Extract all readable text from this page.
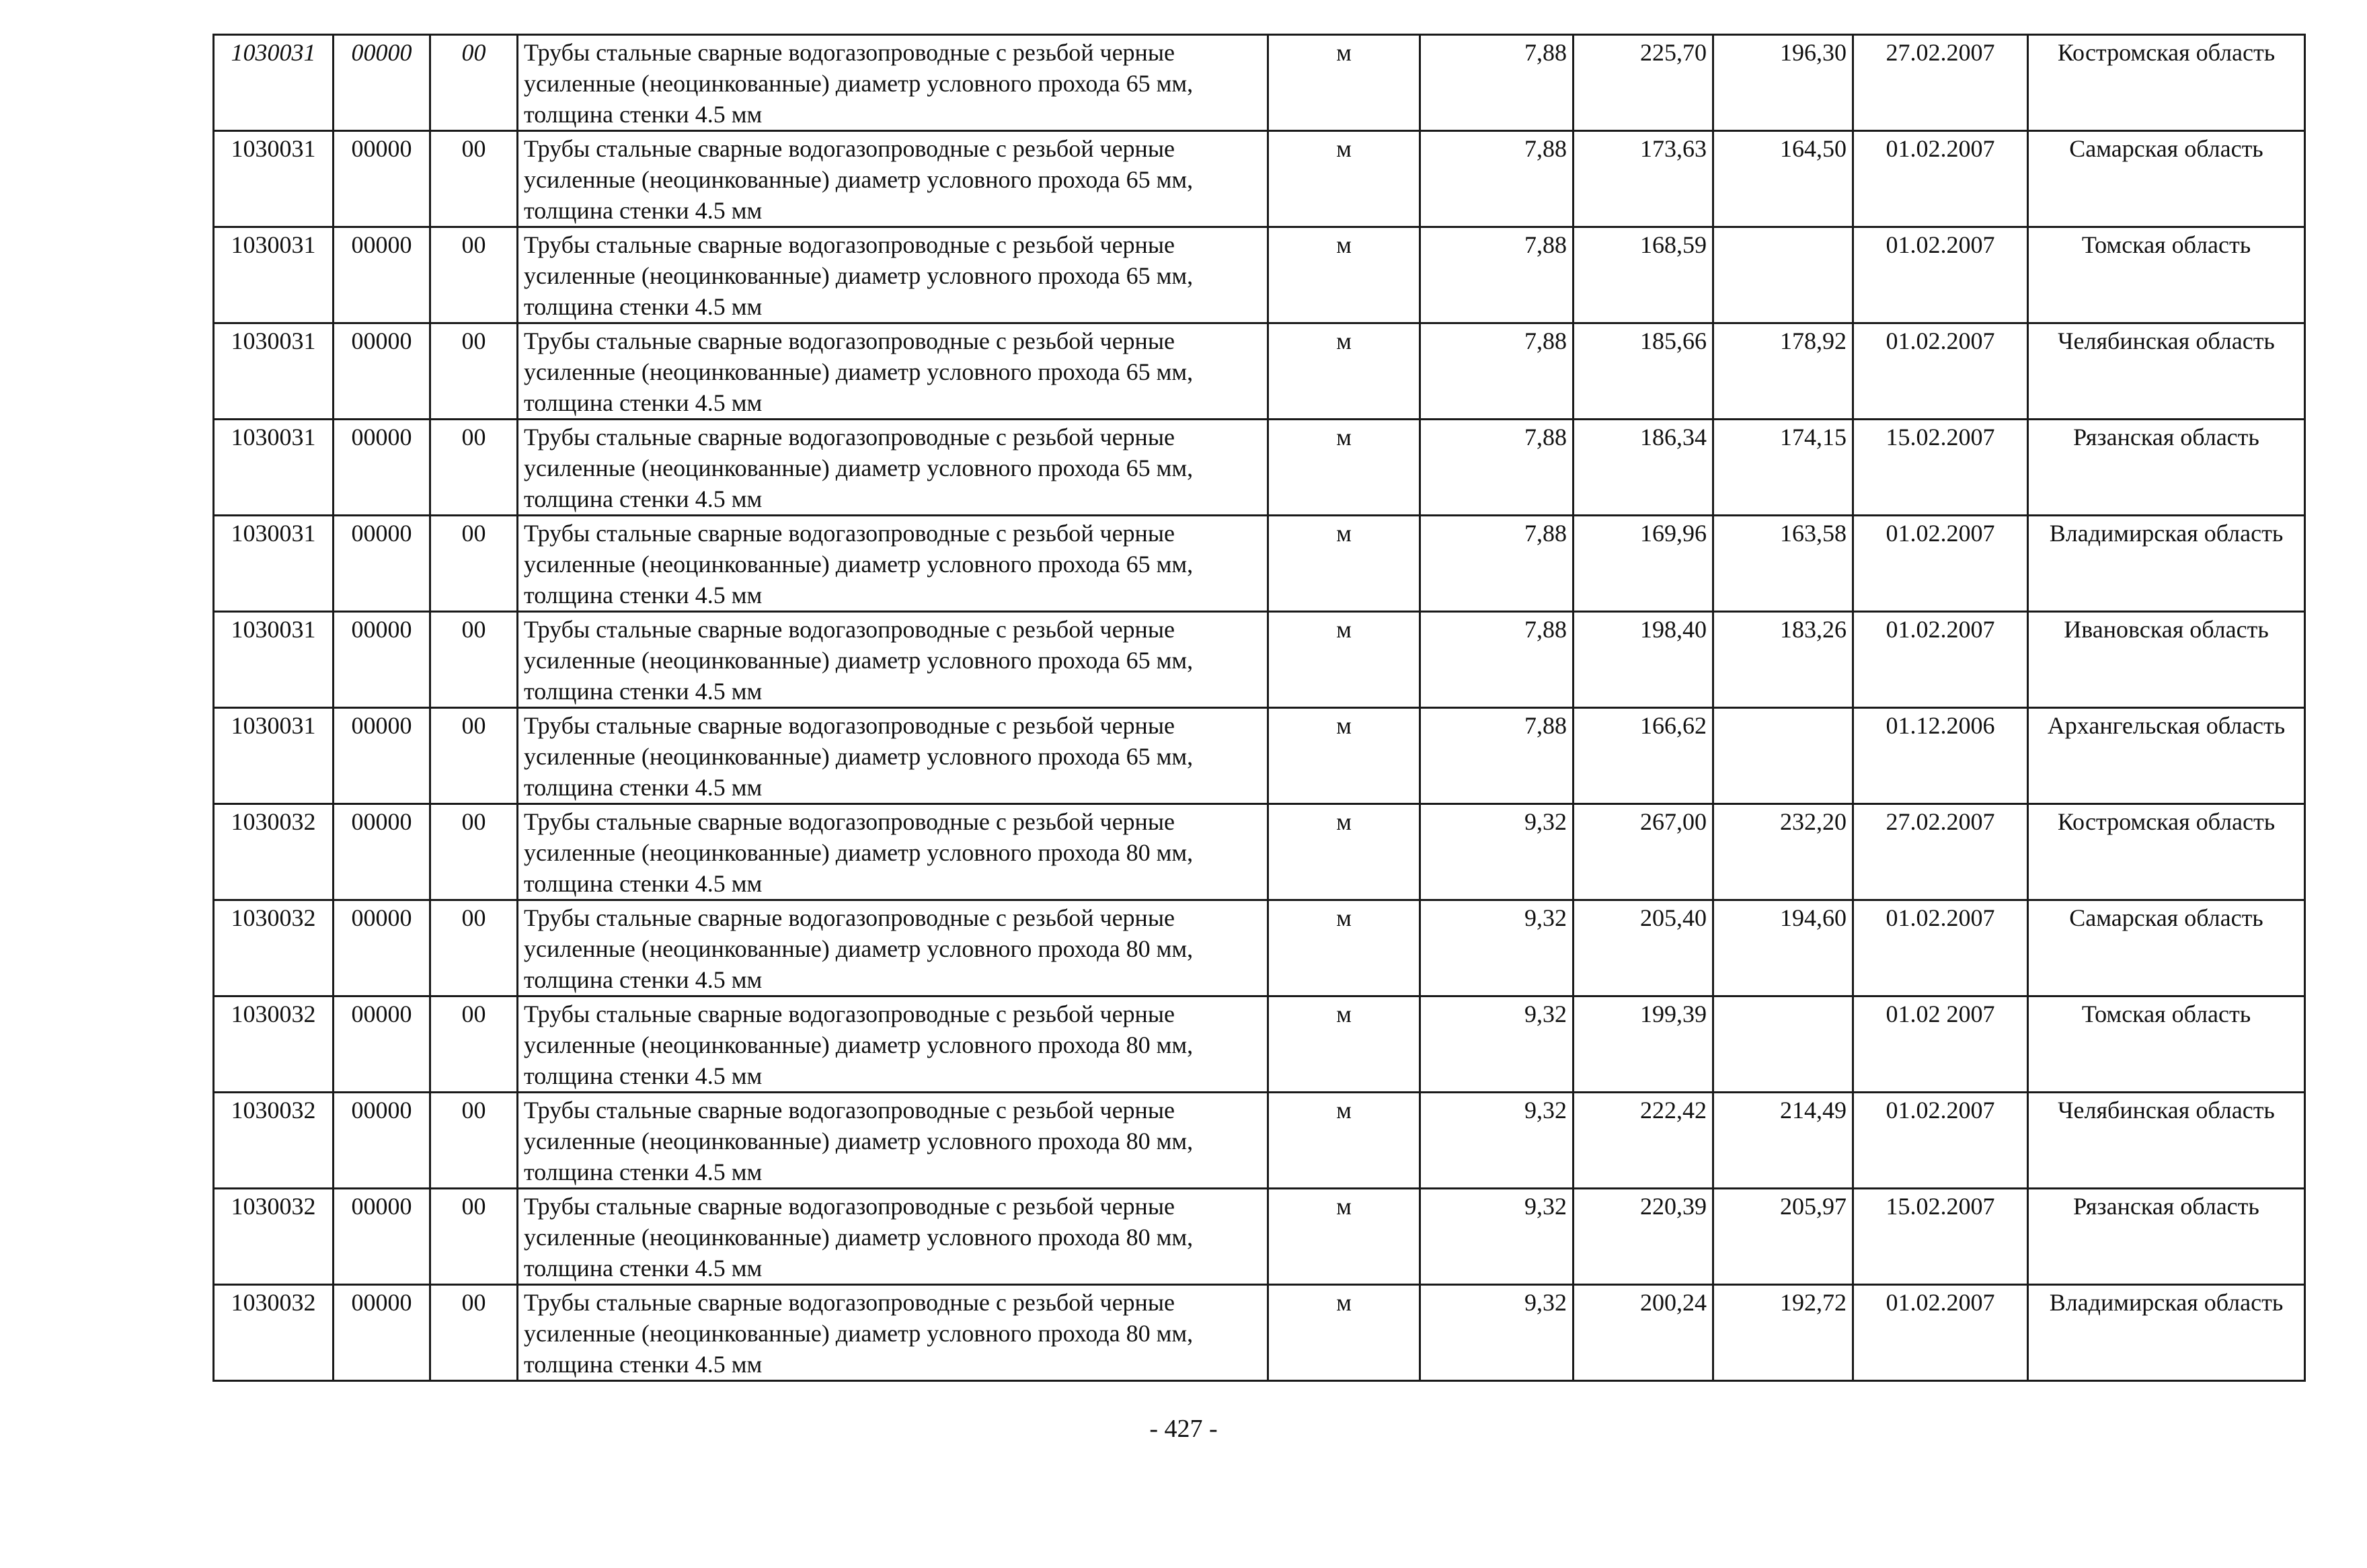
1030031	00000	00	Трубы стальные сварные водогазопроводные с резьбой черные усиленные (неоцинкованные) диаметр условного прохода 65 мм, толщина стенки 4.5 мм	м	7,88	225,70	196,30	27.02.2007	Костромская область
1030031	00000	00	Трубы стальные сварные водогазопроводные с резьбой черные усиленные (неоцинкованные) диаметр условного прохода 65 мм, толщина стенки 4.5 мм	м	7,88	173,63	164,50	01.02.2007	Самарская область
1030031	00000	00	Трубы стальные сварные водогазопроводные с резьбой черные усиленные (неоцинкованные) диаметр условного прохода 65 мм, толщина стенки 4.5 мм	м	7,88	168,59		01.02.2007	Томская область
1030031	00000	00	Трубы стальные сварные водогазопроводные с резьбой черные усиленные (неоцинкованные) диаметр условного прохода 65 мм, толщина стенки 4.5 мм	м	7,88	185,66	178,92	01.02.2007	Челябинская область
1030031	00000	00	Трубы стальные сварные водогазопроводные с резьбой черные усиленные (неоцинкованные) диаметр условного прохода 65 мм, толщина стенки 4.5 мм	м	7,88	186,34	174,15	15.02.2007	Рязанская область
1030031	00000	00	Трубы стальные сварные водогазопроводные с резьбой черные усиленные (неоцинкованные) диаметр условного прохода 65 мм, толщина стенки 4.5 мм	м	7,88	169,96	163,58	01.02.2007	Владимирская область
1030031	00000	00	Трубы стальные сварные водогазопроводные с резьбой черные усиленные (неоцинкованные) диаметр условного прохода 65 мм, толщина стенки 4.5 мм	м	7,88	198,40	183,26	01.02.2007	Ивановская область
1030031	00000	00	Трубы стальные сварные водогазопроводные с резьбой черные усиленные (неоцинкованные) диаметр условного прохода 65 мм, толщина стенки 4.5 мм	м	7,88	166,62		01.12.2006	Архангельская область
1030032	00000	00	Трубы стальные сварные водогазопроводные с резьбой черные усиленные (неоцинкованные) диаметр условного прохода 80 мм, толщина стенки 4.5 мм	м	9,32	267,00	232,20	27.02.2007	Костромская область
1030032	00000	00	Трубы стальные сварные водогазопроводные с резьбой черные усиленные (неоцинкованные) диаметр условного прохода 80 мм, толщина стенки 4.5 мм	м	9,32	205,40	194,60	01.02.2007	Самарская область
1030032	00000	00	Трубы стальные сварные водогазопроводные с резьбой черные усиленные (неоцинкованные) диаметр условного прохода 80 мм, толщина стенки 4.5 мм	м	9,32	199,39		01.02 2007	Томская область
1030032	00000	00	Трубы стальные сварные водогазопроводные с резьбой черные усиленные (неоцинкованные) диаметр условного прохода 80 мм, толщина стенки 4.5 мм	м	9,32	222,42	214,49	01.02.2007	Челябинская область
1030032	00000	00	Трубы стальные сварные водогазопроводные с резьбой черные усиленные (неоцинкованные) диаметр условного прохода 80 мм, толщина стенки 4.5 мм	м	9,32	220,39	205,97	15.02.2007	Рязанская область
1030032	00000	00	Трубы стальные сварные водогазопроводные с резьбой черные усиленные (неоцинкованные) диаметр условного прохода 80 мм, толщина стенки 4.5 мм	м	9,32	200,24	192,72	01.02.2007	Владимирская область
- 427 -
